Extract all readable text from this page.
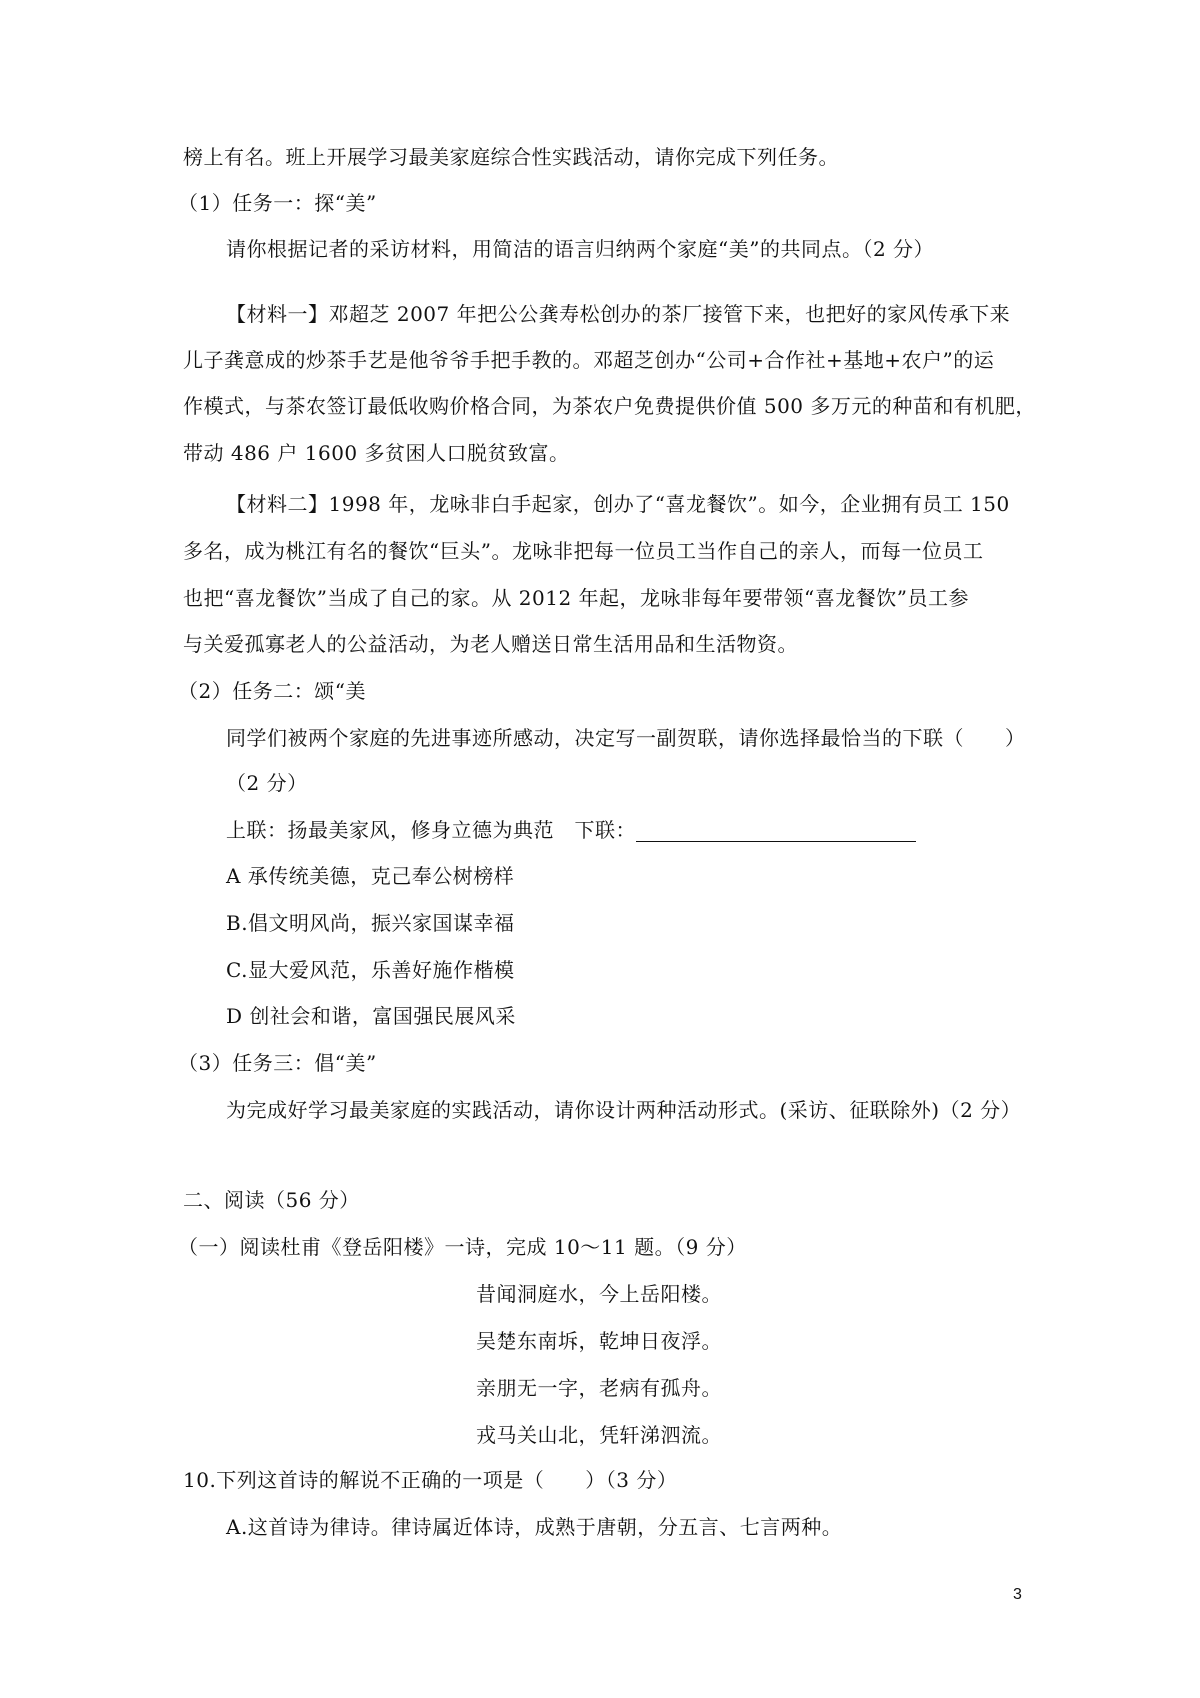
榜上有名。班上开展学习最美家庭综合性实践活动，请你完成下列任务。
（1）任务一：探“美”
请你根据记者的采访材料，用简洁的语言归纳两个家庭“美”的共同点。（2 分）
【材料一】邓超芝 2007 年把公公龚寿松创办的茶厂接管下来，也把好的家风传承下来
儿子龚意成的炒茶手艺是他爷爷手把手教的。邓超芝创办“公司+合作社+基地+农户”的运
作模式，与茶农签订最低收购价格合同，为茶农户免费提供价值 500 多万元的种苗和有机肥，
带动 486 户 1600 多贫困人口脱贫致富。
【材料二】1998 年，龙咏非白手起家，创办了“喜龙餐饮”。如今，企业拥有员工 150
多名，成为桃江有名的餐饮“巨头”。龙咏非把每一位员工当作自己的亲人，而每一位员工
也把“喜龙餐饮”当成了自己的家。从 2012 年起，龙咏非每年要带领“喜龙餐饮”员工参
与关爱孤寡老人的公益活动，为老人赠送日常生活用品和生活物资。
（2）任务二：颂“美
同学们被两个家庭的先进事迹所感动，决定写一副贺联，请你选择最恰当的下联（　　）
（2 分）
上联：扬最美家风，修身立德为典范　下联：
A 承传统美德，克己奉公树榜样
B.倡文明风尚，振兴家国谋幸福
C.显大爱风范，乐善好施作楷模
D 创社会和谐，富国强民展风采
（3）任务三：倡“美”
为完成好学习最美家庭的实践活动，请你设计两种活动形式。(采访、征联除外)（2 分）
二、阅读（56 分）
（一）阅读杜甫《登岳阳楼》一诗，完成 10～11 题。（9 分）
昔闻洞庭水，今上岳阳楼。
吴楚东南坼，乾坤日夜浮。
亲朋无一字，老病有孤舟。
戎马关山北，凭轩涕泗流。
10.下列这首诗的解说不正确的一项是（　　）（3 分）
A.这首诗为律诗。律诗属近体诗，成熟于唐朝，分五言、七言两种。
3
